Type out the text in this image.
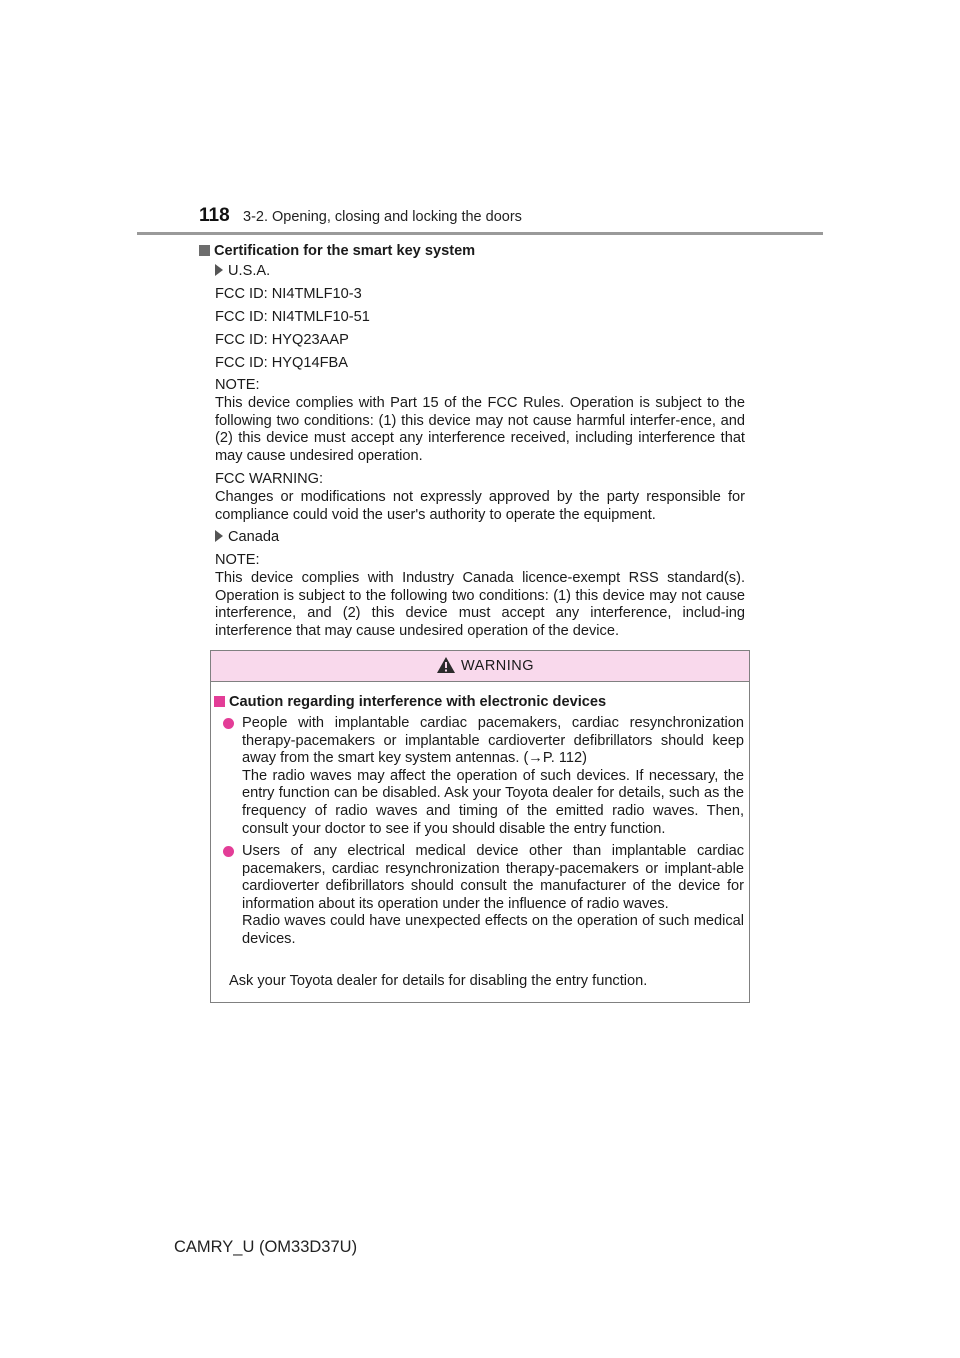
118 3-2. Opening, closing and locking the doors
Certification for the smart key system
U.S.A.
FCC ID: NI4TMLF10-3
FCC ID: NI4TMLF10-51
FCC ID: HYQ23AAP
FCC ID: HYQ14FBA
NOTE:
This device complies with Part 15 of the FCC Rules. Operation is subject to the following two conditions: (1) this device may not cause harmful interfer-ence, and (2) this device must accept any interference received, including interference that may cause undesired operation.
FCC WARNING:
Changes or modifications not expressly approved by the party responsible for compliance could void the user's authority to operate the equipment.
Canada
NOTE:
This device complies with Industry Canada licence-exempt RSS standard(s). Operation is subject to the following two conditions: (1) this device may not cause interference, and (2) this device must accept any interference, includ-ing interference that may cause undesired operation of the device.
WARNING
Caution regarding interference with electronic devices
People with implantable cardiac pacemakers, cardiac resynchronization therapy-pacemakers or implantable cardioverter defibrillators should keep away from the smart key system antennas. (→P. 112)
The radio waves may affect the operation of such devices. If necessary, the entry function can be disabled. Ask your Toyota dealer for details, such as the frequency of radio waves and timing of the emitted radio waves. Then, consult your doctor to see if you should disable the entry function.
Users of any electrical medical device other than implantable cardiac pacemakers, cardiac resynchronization therapy-pacemakers or implant-able cardioverter defibrillators should consult the manufacturer of the device for information about its operation under the influence of radio waves.
Radio waves could have unexpected effects on the operation of such medical devices.
Ask your Toyota dealer for details for disabling the entry function.
CAMRY_U (OM33D37U)
